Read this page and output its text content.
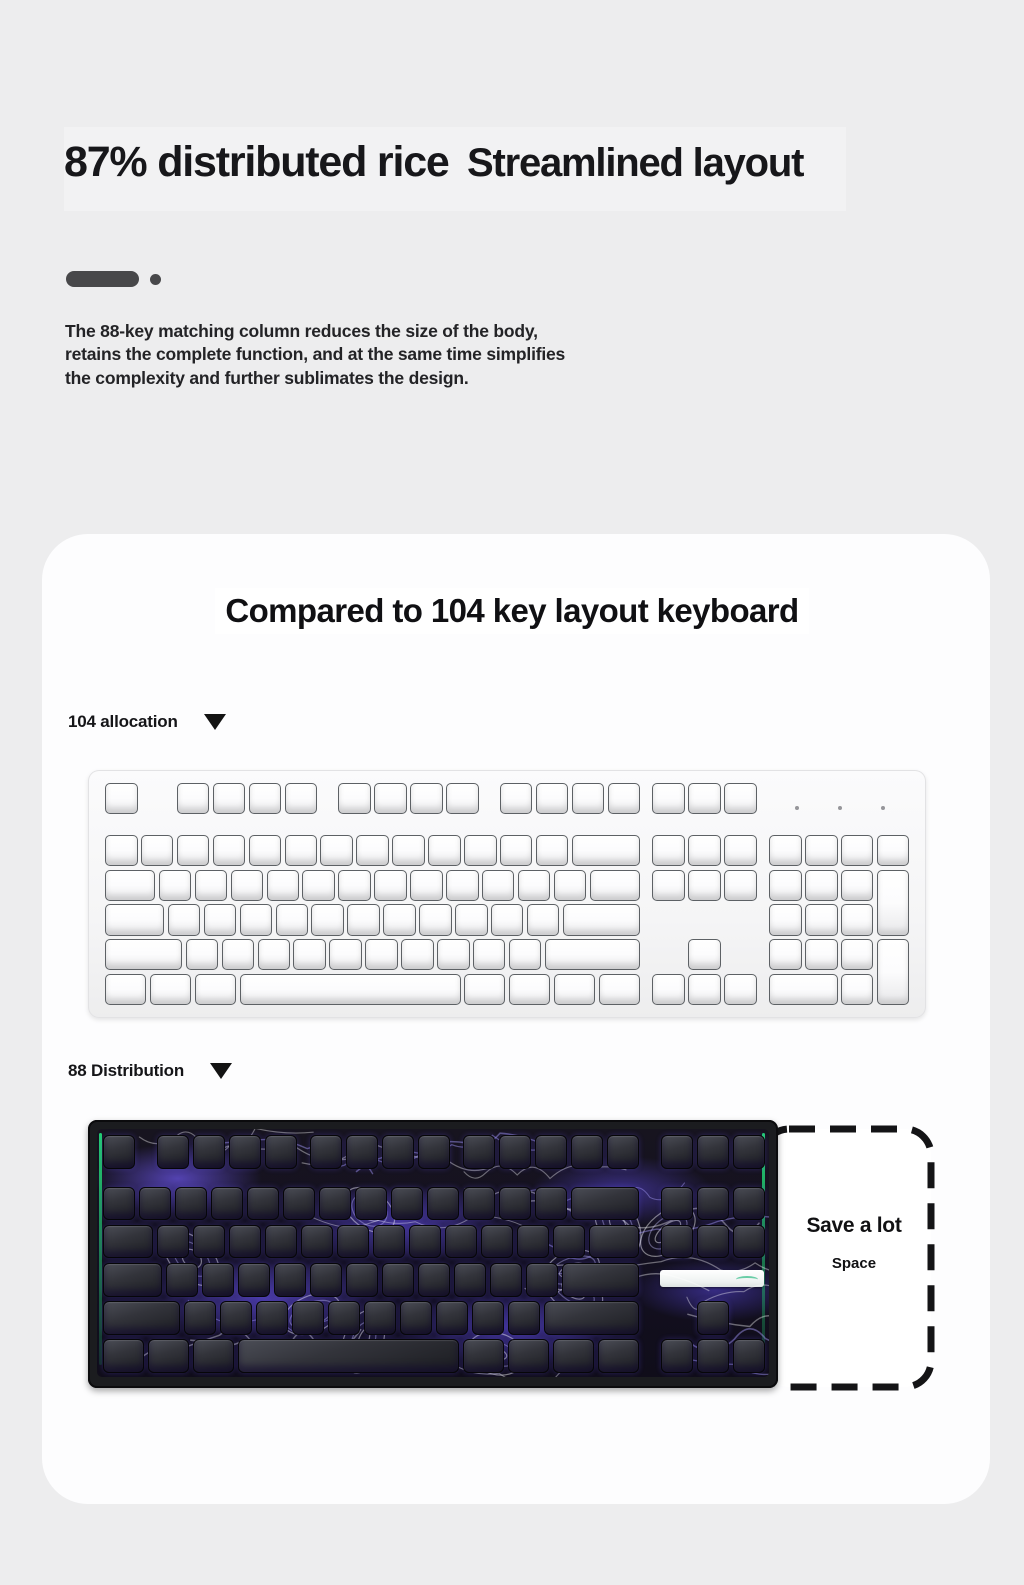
87% distributed rice Streamlined layout
The 88-key matching column reduces the size of the body,
retains the complete function, and at the same time simplifies
the complexity and further sublimates the design.
Compared to 104 key layout keyboard
104 allocation
88 Distribution
Save a lot
Space
